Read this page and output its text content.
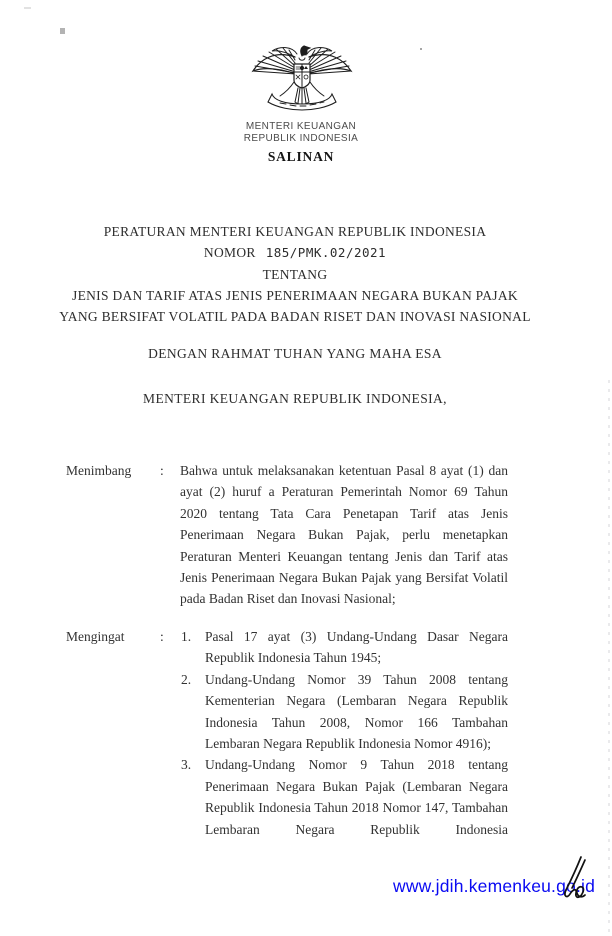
MENTERI KEUANGAN
REPUBLIK INDONESIA
SALINAN
PERATURAN MENTERI KEUANGAN REPUBLIK INDONESIA
NOMOR 185/PMK.02/2021
TENTANG
JENIS DAN TARIF ATAS JENIS PENERIMAAN NEGARA BUKAN PAJAK
YANG BERSIFAT VOLATIL PADA BADAN RISET DAN INOVASI NASIONAL
DENGAN RAHMAT TUHAN YANG MAHA ESA
MENTERI KEUANGAN REPUBLIK INDONESIA,
Menimbang : Bahwa untuk melaksanakan ketentuan Pasal 8 ayat (1) dan ayat (2) huruf a Peraturan Pemerintah Nomor 69 Tahun 2020 tentang Tata Cara Penetapan Tarif atas Jenis Penerimaan Negara Bukan Pajak, perlu menetapkan Peraturan Menteri Keuangan tentang Jenis dan Tarif atas Jenis Penerimaan Negara Bukan Pajak yang Bersifat Volatil pada Badan Riset dan Inovasi Nasional;
Mengingat	: 1. Pasal 17 ayat (3) Undang-Undang Dasar Negara Republik Indonesia Tahun 1945;
2. Undang-Undang Nomor 39 Tahun 2008 tentang Kementerian Negara (Lembaran Negara Republik Indonesia Tahun 2008, Nomor 166 Tambahan Lembaran Negara Republik Indonesia Nomor 4916);
3. Undang-Undang Nomor 9 Tahun 2018 tentang Penerimaan Negara Bukan Pajak (Lembaran Negara Republik Indonesia Tahun 2018 Nomor 147, Tambahan Lembaran Negara Republik Indonesia
www.jdih.kemenkeu.go.id
